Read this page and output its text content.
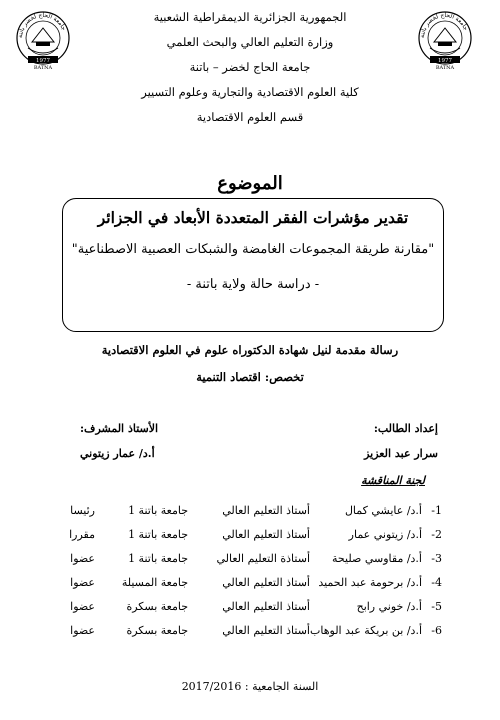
جامعة الحاج لخضر باتنة
1977
BATNA
جامعة الحاج لخضر باتنة
1977
BATNA
الجمهورية الجزائرية الديمقراطية الشعبية
وزارة التعليم العالي والبحث العلمي
جامعة الحاج لخضر – باتنة
كلية العلوم الاقتصادية والتجارية وعلوم التسيير
قسم العلوم الاقتصادية
الموضوع
تقدير مؤشرات الفقر المتعددة الأبعاد في الجزائر
"مقارنة طريقة المجموعات الغامضة والشبكات العصبية الاصطناعية"
- دراسة حالة ولاية باتنة -
رسالة مقدمة لنيل شهادة الدكتوراه علوم في العلوم الاقتصادية
تخصص: اقتصاد التنمية
إعداد الطالب:
سرار عبد العزيز
الأستاذ المشرف:
أ.د/ عمار زيتوني
لجنة المناقشة
1-
أ.د/ عايشي كمال
أستاذ التعليم العالي
جامعة باتنة 1
رئيسا
2-
أ.د/ زيتوني عمار
أستاذ التعليم العالي
جامعة باتنة 1
مقررا
3-
أ.د/ مقاوسي صليحة
أستاذة التعليم العالي
جامعة باتنة 1
عضوا
4-
أ.د/ برحومة عبد الحميد
أستاذ التعليم العالي
جامعة المسيلة
عضوا
5-
أ.د/ خوني رابح
أستاذ التعليم العالي
جامعة بسكرة
عضوا
6-
أ.د/ بن بريكة عبد الوهاب
أستاذ التعليم العالي
جامعة بسكرة
عضوا
السنة الجامعية : 2017/2016
